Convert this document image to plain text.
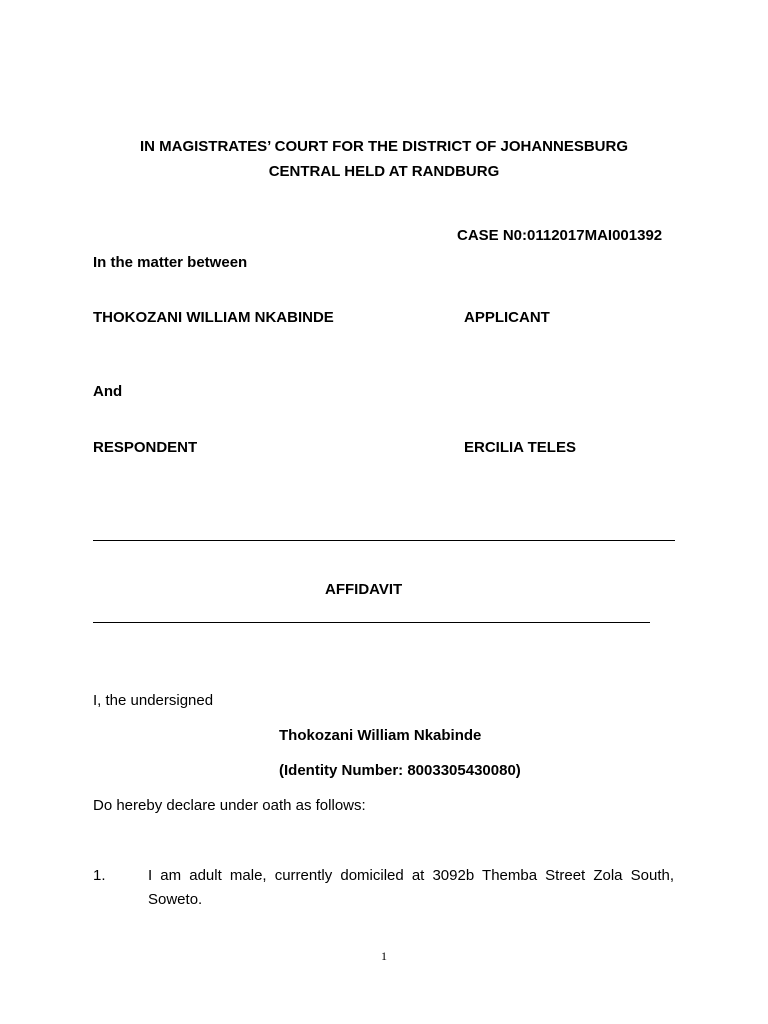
IN MAGISTRATES’ COURT FOR THE DISTRICT OF JOHANNESBURG
CENTRAL HELD AT RANDBURG
CASE N0:0112017MAI001392
In the matter between
THOKOZANI WILLIAM NKABINDE	APPLICANT
And
RESPONDENT	ERCILIA TELES
AFFIDAVIT
I, the undersigned
Thokozani William Nkabinde
(Identity Number: 8003305430080)
Do hereby declare under oath as follows:
1.	I am adult male, currently domiciled at 3092b Themba Street Zola South, Soweto.
1
